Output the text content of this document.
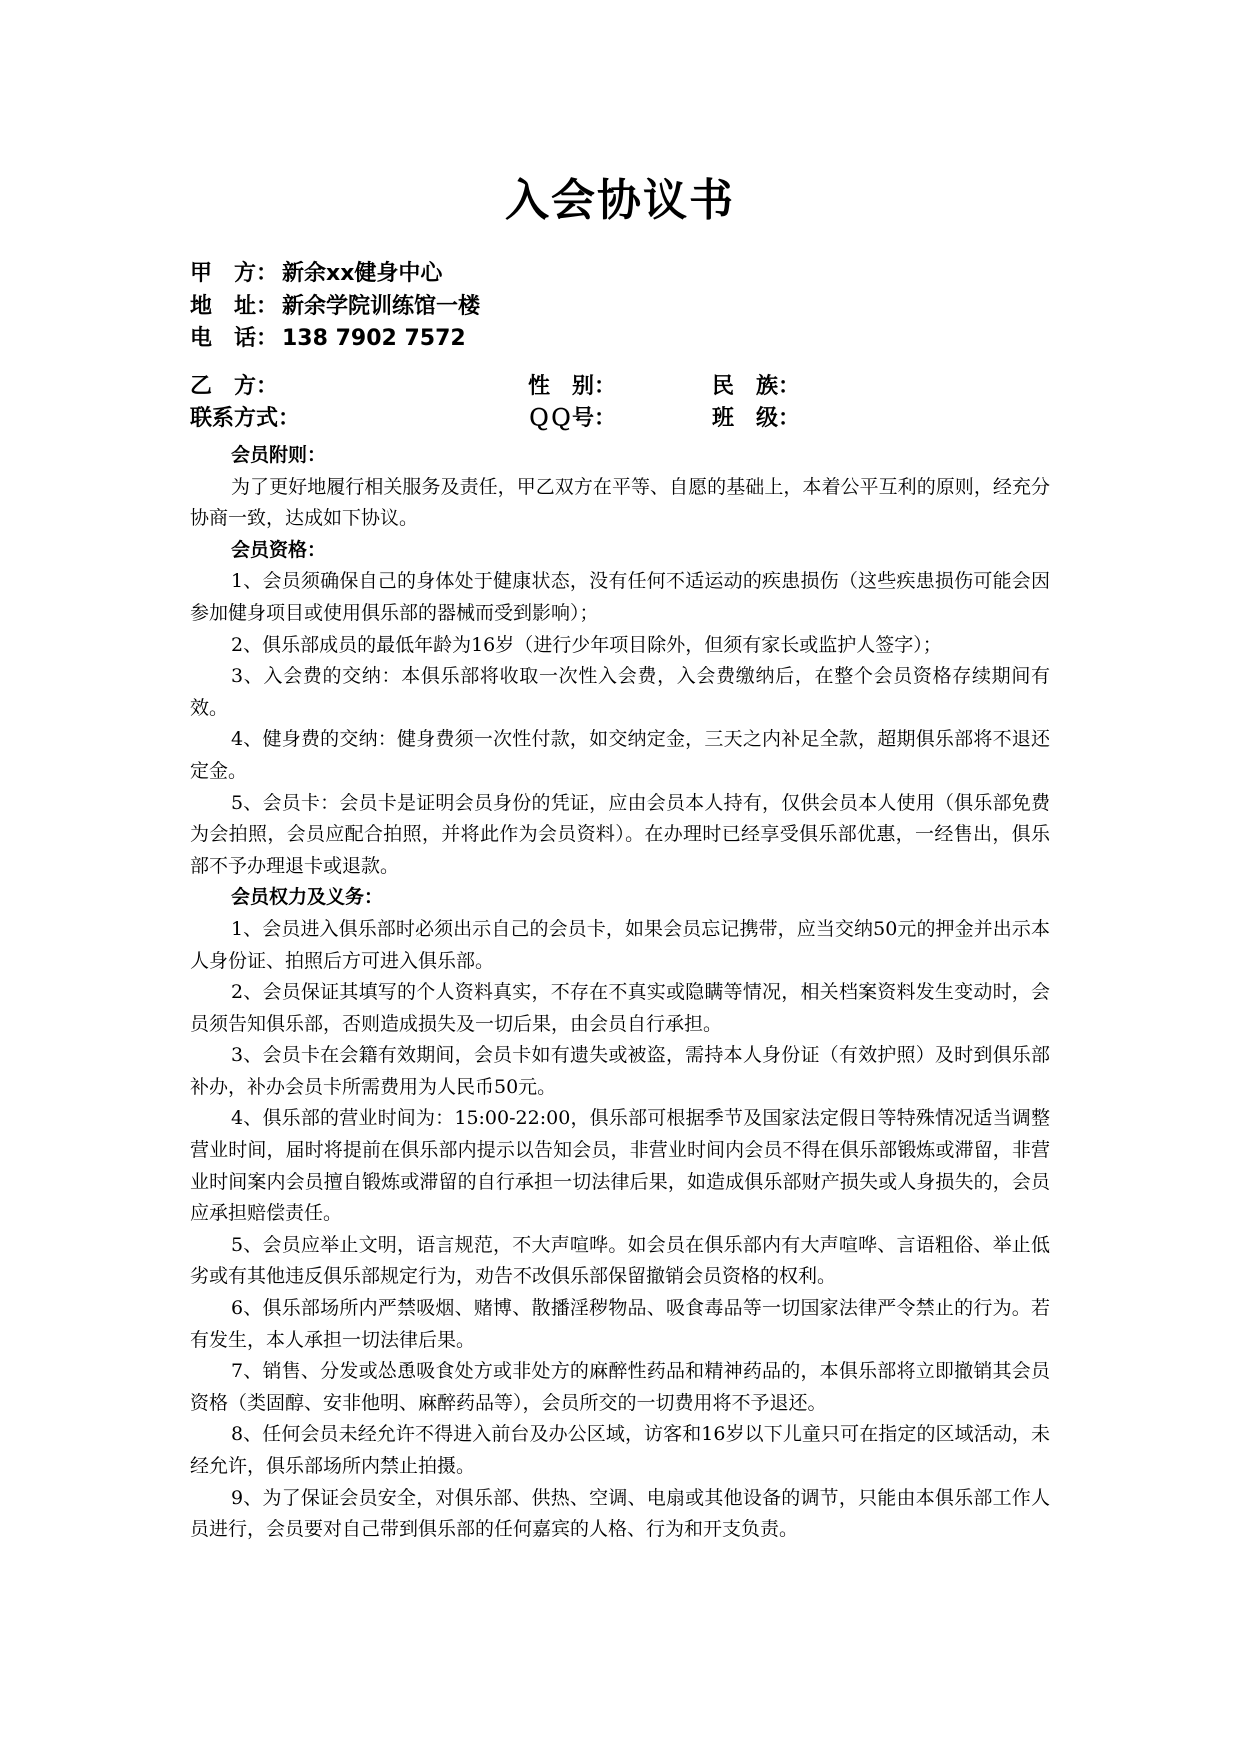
入会协议书
甲　方： 新余xx健身中心
地　址： 新余学院训练馆一楼
电　话： 138 7902 7572
乙　方：	性　别：	民　族：
联系方式：	ＱＱ号：	班　级：

会员附则：

为了更好地履行相关服务及责任，甲乙双方在平等、自愿的基础上，本着公平互利的原则，经充分协商一致，达成如下协议。

会员资格：

1、会员须确保自己的身体处于健康状态，没有任何不适运动的疾患损伤（这些疾患损伤可能会因参加健身项目或使用俱乐部的器械而受到影响）；

2、俱乐部成员的最低年龄为16岁（进行少年项目除外，但须有家长或监护人签字）；

3、入会费的交纳：本俱乐部将收取一次性入会费，入会费缴纳后，在整个会员资格存续期间有效。

4、健身费的交纳：健身费须一次性付款，如交纳定金，三天之内补足全款，超期俱乐部将不退还定金。

5、会员卡：会员卡是证明会员身份的凭证，应由会员本人持有，仅供会员本人使用（俱乐部免费为会拍照，会员应配合拍照，并将此作为会员资料）。在办理时已经享受俱乐部优惠，一经售出，俱乐部不予办理退卡或退款。

会员权力及义务：

1、会员进入俱乐部时必须出示自己的会员卡，如果会员忘记携带，应当交纳50元的押金并出示本人身份证、拍照后方可进入俱乐部。

2、会员保证其填写的个人资料真实，不存在不真实或隐瞒等情况，相关档案资料发生变动时，会员须告知俱乐部，否则造成损失及一切后果，由会员自行承担。

3、会员卡在会籍有效期间，会员卡如有遗失或被盗，需持本人身份证（有效护照）及时到俱乐部补办，补办会员卡所需费用为人民币50元。

4、俱乐部的营业时间为：15:00-22:00，俱乐部可根据季节及国家法定假日等特殊情况适当调整营业时间，届时将提前在俱乐部内提示以告知会员，非营业时间内会员不得在俱乐部锻炼或滞留，非营业时间案内会员擅自锻炼或滞留的自行承担一切法律后果，如造成俱乐部财产损失或人身损失的，会员应承担赔偿责任。

5、会员应举止文明，语言规范，不大声喧哗。如会员在俱乐部内有大声喧哗、言语粗俗、举止低劣或有其他违反俱乐部规定行为，劝告不改俱乐部保留撤销会员资格的权利。

6、俱乐部场所内严禁吸烟、赌博、散播淫秽物品、吸食毒品等一切国家法律严令禁止的行为。若有发生，本人承担一切法律后果。

7、销售、分发或怂恿吸食处方或非处方的麻醉性药品和精神药品的，本俱乐部将立即撤销其会员资格（类固醇、安非他明、麻醉药品等），会员所交的一切费用将不予退还。

8、任何会员未经允许不得进入前台及办公区域，访客和16岁以下儿童只可在指定的区域活动，未经允许，俱乐部场所内禁止拍摄。

9、为了保证会员安全，对俱乐部、供热、空调、电扇或其他设备的调节，只能由本俱乐部工作人员进行，会员要对自己带到俱乐部的任何嘉宾的人格、行为和开支负责。
